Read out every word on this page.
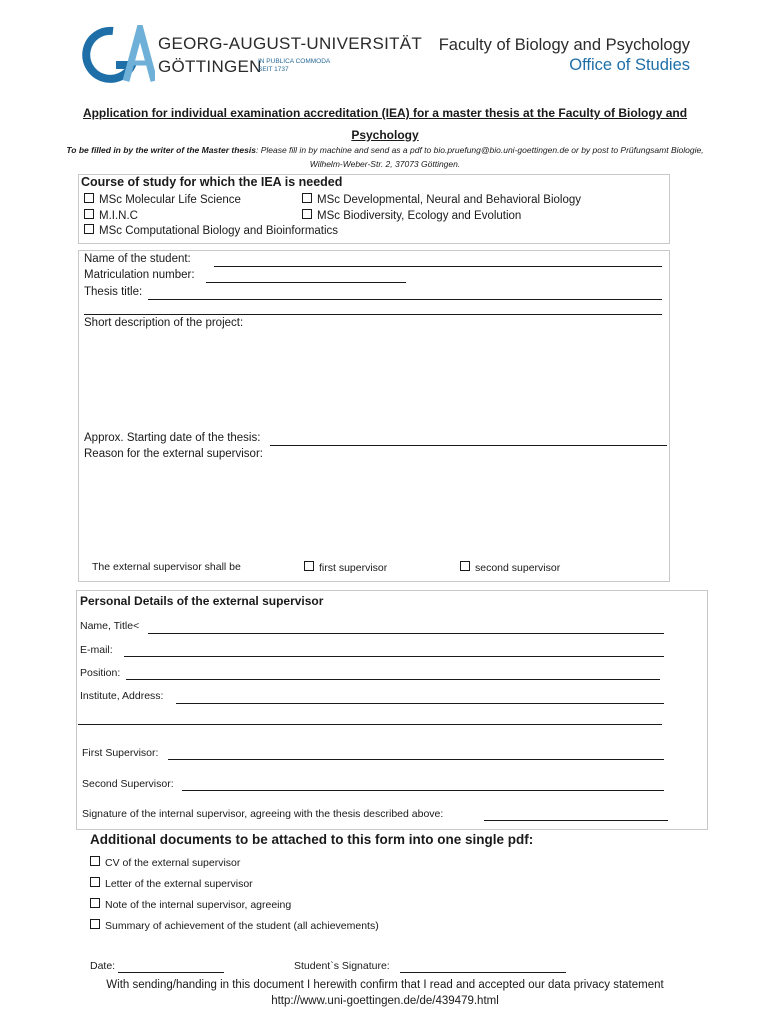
GEORG-AUGUST-UNIVERSITÄT
GÖTTINGEN
IN PUBLICA COMMODA
SEIT 1737
Faculty of Biology and Psychology
Office of Studies
Application for individual examination accreditation (IEA) for a master thesis at the Faculty of Biology and Psychology
To be filled in by the writer of the Master thesis: Please fill in by machine and send as a pdf to bio.pruefung@bio.uni-goettingen.de or by post to Prüfungsamt Biologie, Wilhelm-Weber-Str. 2, 37073 Göttingen.
Course of study for which the IEA is needed
MSc Molecular Life Science	MSc Developmental, Neural and Behavioral Biology
M.I.N.C	MSc Biodiversity, Ecology and Evolution
MSc Computational Biology and Bioinformatics
Name of the student:
Matriculation number:
Thesis title:
Short description of the project:
Approx. Starting date of the thesis:
Reason for the external supervisor:
The external supervisor shall be	first supervisor	second supervisor
Personal Details of the external supervisor
Name, Title<
E-mail:
Position:
Institute, Address:
First Supervisor:
Second Supervisor:
Signature of the internal supervisor, agreeing with the thesis described above:
Additional documents to be attached to this form into one single pdf:
CV of the external supervisor
Letter of the external supervisor
Note of the internal supervisor, agreeing
Summary of achievement of the student (all achievements)
Date:	Student`s Signature:
With sending/handing in this document I herewith confirm that I read and accepted our data privacy statement
http://www.uni-goettingen.de/de/439479.html
